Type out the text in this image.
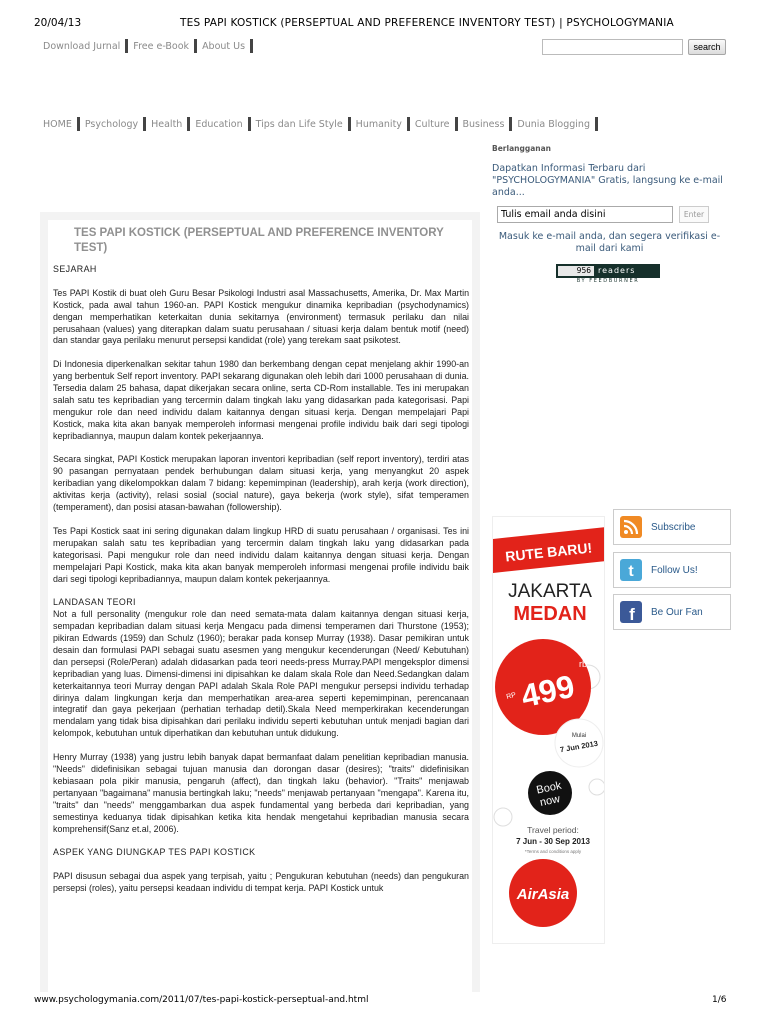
20/04/13	TES PAPI KOSTICK (PERSEPTUAL AND PREFERENCE INVENTORY TEST) | PSYCHOLOGYMANIA
Download Jurnal	Free e-Book	About Us	search
HOME	Psychology	Health	Education	Tips dan Life Style	Humanity	Culture	Business	Dunia Blogging
TES PAPI KOSTICK (PERSEPTUAL AND PREFERENCE INVENTORY TEST)

SEJARAH

Tes PAPI Kostik di buat oleh Guru Besar Psikologi Industri asal Massachusetts, Amerika, Dr. Max Martin Kostick, pada awal tahun 1960-an. PAPI Kostick mengukur dinamika kepribadian (psychodynamics) dengan memperhatikan keterkaitan dunia sekitarnya (environment) termasuk perilaku dan nilai perusahaan (values) yang diterapkan dalam suatu perusahaan / situasi kerja dalam bentuk motif (need) dan standar gaya perilaku menurut persepsi kandidat (role) yang terekam saat psikotest.

Di Indonesia diperkenalkan sekitar tahun 1980 dan berkembang dengan cepat menjelang akhir 1990-an yang berbentuk Self report inventory. PAPI sekarang digunakan oleh lebih dari 1000 perusahaan di dunia. Tersedia dalam 25 bahasa, dapat dikerjakan secara online, serta CD-Rom installable. Tes ini merupakan salah satu tes kepribadian yang tercermin dalam tingkah laku yang didasarkan pada kategorisasi. Papi mengukur role dan need individu dalam kaitannya dengan situasi kerja. Dengan mempelajari Papi Kostick, maka kita akan banyak memperoleh informasi mengenai profile individu baik dari segi tipologi kepribadiannya, maupun dalam kontek pekerjaannya.

Secara singkat, PAPI Kostick merupakan laporan inventori kepribadian (self report inventory), terdiri atas 90 pasangan pernyataan pendek berhubungan dalam situasi kerja, yang menyangkut 20 aspek keribadian yang dikelompokkan dalam 7 bidang: kepemimpinan (leadership), arah kerja (work direction), aktivitas kerja (activity), relasi sosial (social nature), gaya bekerja (work style), sifat temperamen (temperament), dan posisi atasan-bawahan (followership).

Tes Papi Kostick saat ini sering digunakan dalam lingkup HRD di suatu perusahaan / organisasi. Tes ini merupakan salah satu tes kepribadian yang tercermin dalam tingkah laku yang didasarkan pada kategorisasi. Papi mengukur role dan need individu dalam kaitannya dengan situasi kerja. Dengan mempelajari Papi Kostick, maka kita akan banyak memperoleh informasi mengenai profile individu baik dari segi tipologi kepribadiannya, maupun dalam kontek pekerjaannya.

LANDASAN TEORI

Not a full personality (mengukur role dan need semata-mata dalam kaitannya dengan situasi kerja, sempadan kepribadian dalam situasi kerja Mengacu pada dimensi temperamen dari Thurstone (1953); pikiran Edwards (1959) dan Schulz (1960); berakar pada konsep Murray (1938). Dasar pemikiran untuk desain dan formulasi PAPI sebagai suatu asesmen yang mengukur kecenderungan (Need/ Kebutuhan) dan persepsi (Role/Peran) adalah didasarkan pada teori needs-press Murray.PAPI mengeksplor dimensi kepribadian yang luas. Dimensi-dimensi ini dipisahkan ke dalam skala Role dan Need.Sedangkan dalam keterkaitannya teori Murray dengan PAPI adalah Skala Role PAPI mengukur persepsi individu terhadap dirinya dalam lingkungan kerja dan memperhatikan area-area seperti kepemimpinan, perencanaan integratif dan gaya pekerjaan (perhatian terhadap detil).Skala Need memperkirakan kecenderungan mendalam yang tidak bisa dipisahkan dari perilaku individu seperti kebutuhan untuk menjadi bagian dari kelompok, kebutuhan untuk diperhatikan dan kebutuhan untuk didukung.

Henry Murray (1938) yang justru lebih banyak dapat bermanfaat dalam penelitian kepribadian manusia. "Needs" didefinisikan sebagai tujuan manusia dan dorongan dasar (desires); "traits" didefinisikan kebiasaan pola pikir manusia, pengaruh (affect), dan tingkah laku (behavior). "Traits" menjawab pertanyaan "bagaimana" manusia bertingkah laku; "needs" menjawab pertanyaan "mengapa". Karena itu, "traits" dan "needs" menggambarkan dua aspek fundamental yang berbeda dari kepribadian, yang semestinya keduanya tidak dipisahkan ketika kita hendak mengetahui kepribadian manusia secara komprehensif(Sanz et.al, 2006).

ASPEK YANG DIUNGKAP TES PAPI KOSTICK

PAPI disusun sebagai dua aspek yang terpisah, yaitu ; Pengukuran kebutuhan (needs) dan pengukuran persepsi (roles), yaitu persepsi keadaan individu di tempat kerja. PAPI Kostick untuk

Berlangganan
Dapatkan Informasi Terbaru dari "PSYCHOLOGYMANIA" Gratis, langsung ke e-mail anda...
Tulis email anda disini	Enter
Masuk ke e-mail anda, dan segera verifikasi e-mail dari kami
956 readers
BY FEEDBURNER
RUTE BARU!
JAKARTA
MEDAN
RP 499
rb
Mulai
7 Jun 2013
Book
now
Travel period:
7 Jun - 30 Sep 2013
*Terms and conditions apply
AirAsia
Subscribe
t Follow Us!
f Be Our Fan
www.psychologymania.com/2011/07/tes-papi-kostick-perseptual-and.html	1/6
